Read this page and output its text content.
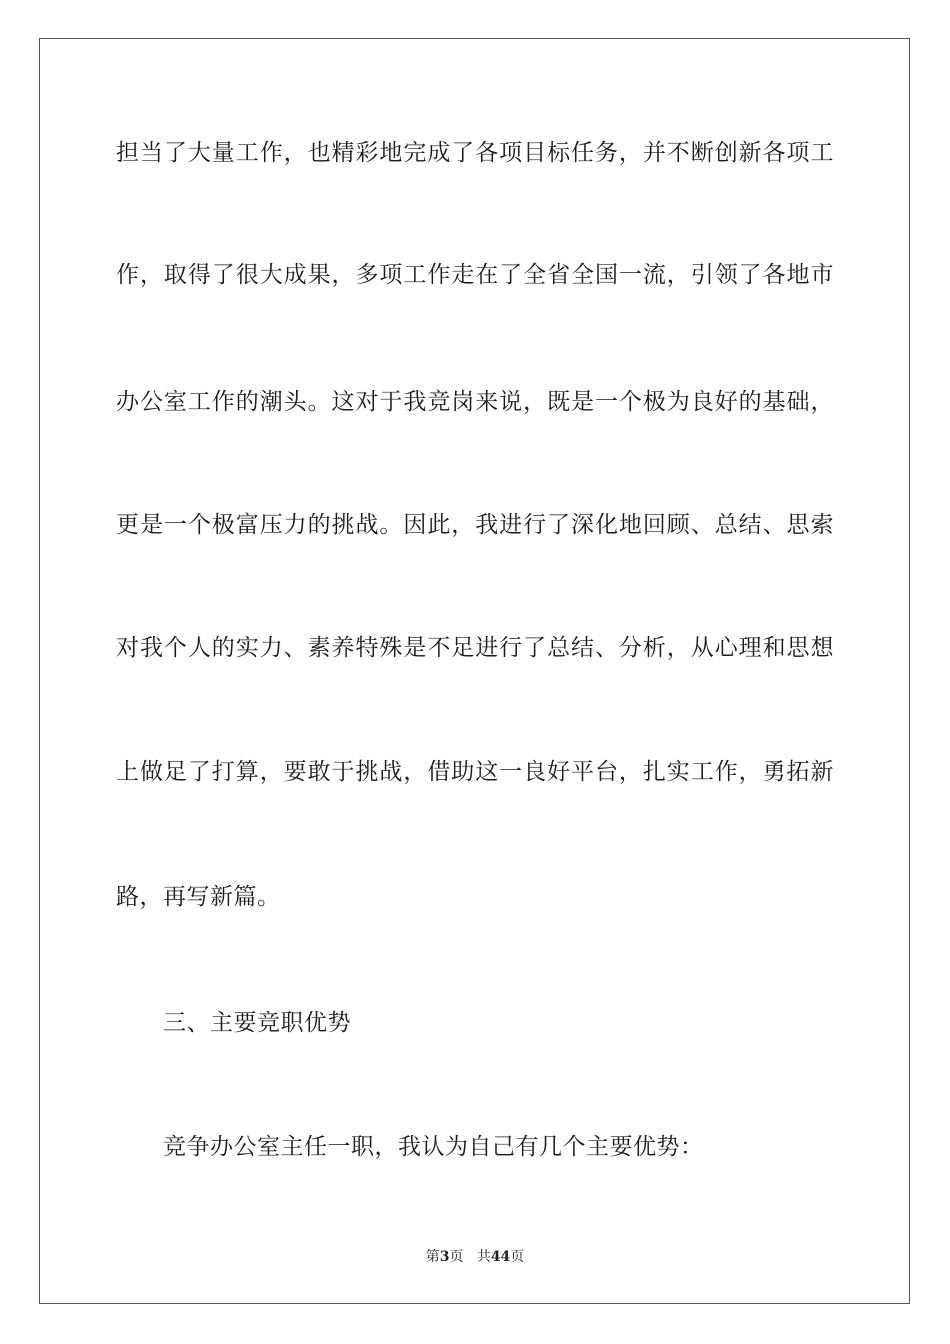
担当了大量工作，也精彩地完成了各项目标任务，并不断创新各项工
作，取得了很大成果，多项工作走在了全省全国一流，引领了各地市
办公室工作的潮头。这对于我竞岗来说，既是一个极为良好的基础，
更是一个极富压力的挑战。因此，我进行了深化地回顾、总结、思索
对我个人的实力、素养特殊是不足进行了总结、分析，从心理和思想
上做足了打算，要敢于挑战，借助这一良好平台，扎实工作，勇拓新
路，再写新篇。
三、主要竞职优势
竞争办公室主任一职，我认为自己有几个主要优势：
第3页 共44页
